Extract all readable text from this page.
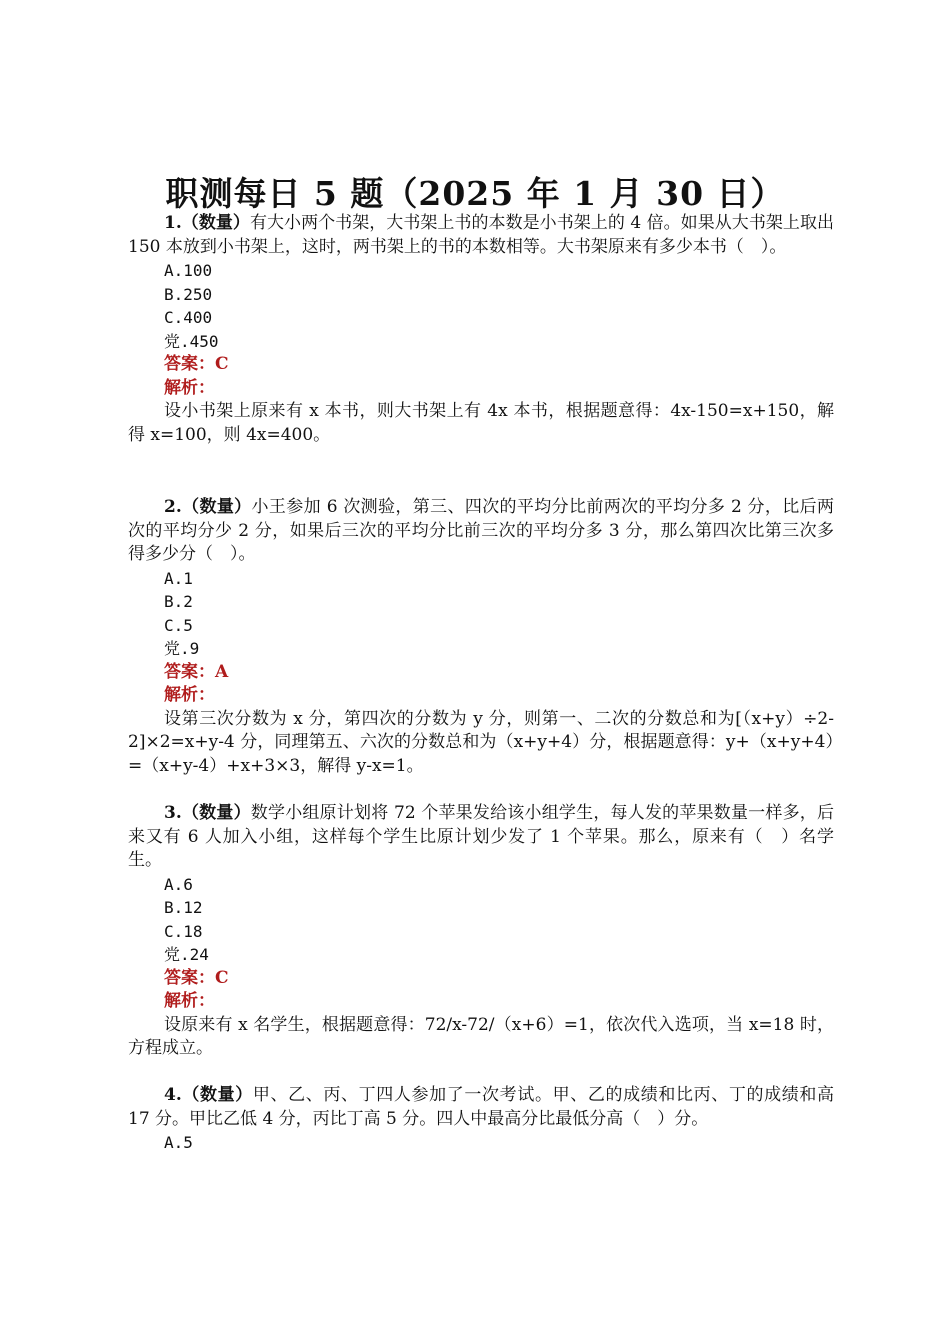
职测每日 5 题（2025 年 1 月 30 日）

1.（数量）有大小两个书架，大书架上书的本数是小书架上的 4 倍。如果从大书架上取出 150 本放到小书架上，这时，两书架上的书的本数相等。大书架原来有多少本书（　）。

A.100

B.250

C.400

党.450

答案：C

解析：

设小书架上原来有 x 本书，则大书架上有 4x 本书，根据题意得：4x-150=x+150，解得 x=100，则 4x=400。

2.（数量）小王参加 6 次测验，第三、四次的平均分比前两次的平均分多 2 分，比后两次的平均分少 2 分，如果后三次的平均分比前三次的平均分多 3 分，那么第四次比第三次多得多少分（　）。

A.1

B.2

C.5

党.9

答案：A

解析：

设第三次分数为 x 分，第四次的分数为 y 分，则第一、二次的分数总和为[（x+y）÷2-2]×2=x+y-4 分，同理第五、六次的分数总和为（x+y+4）分，根据题意得：y+（x+y+4）=（x+y-4）+x+3×3，解得 y-x=1。

3.（数量）数学小组原计划将 72 个苹果发给该小组学生，每人发的苹果数量一样多，后来又有 6 人加入小组，这样每个学生比原计划少发了 1 个苹果。那么，原来有（　）名学生。

A.6

B.12

C.18

党.24

答案：C

解析：

设原来有 x 名学生，根据题意得：72/x-72/（x+6）=1，依次代入选项，当 x=18 时，方程成立。

4.（数量）甲、乙、丙、丁四人参加了一次考试。甲、乙的成绩和比丙、丁的成绩和高 17 分。甲比乙低 4 分，丙比丁高 5 分。四人中最高分比最低分高（　）分。

A.5
